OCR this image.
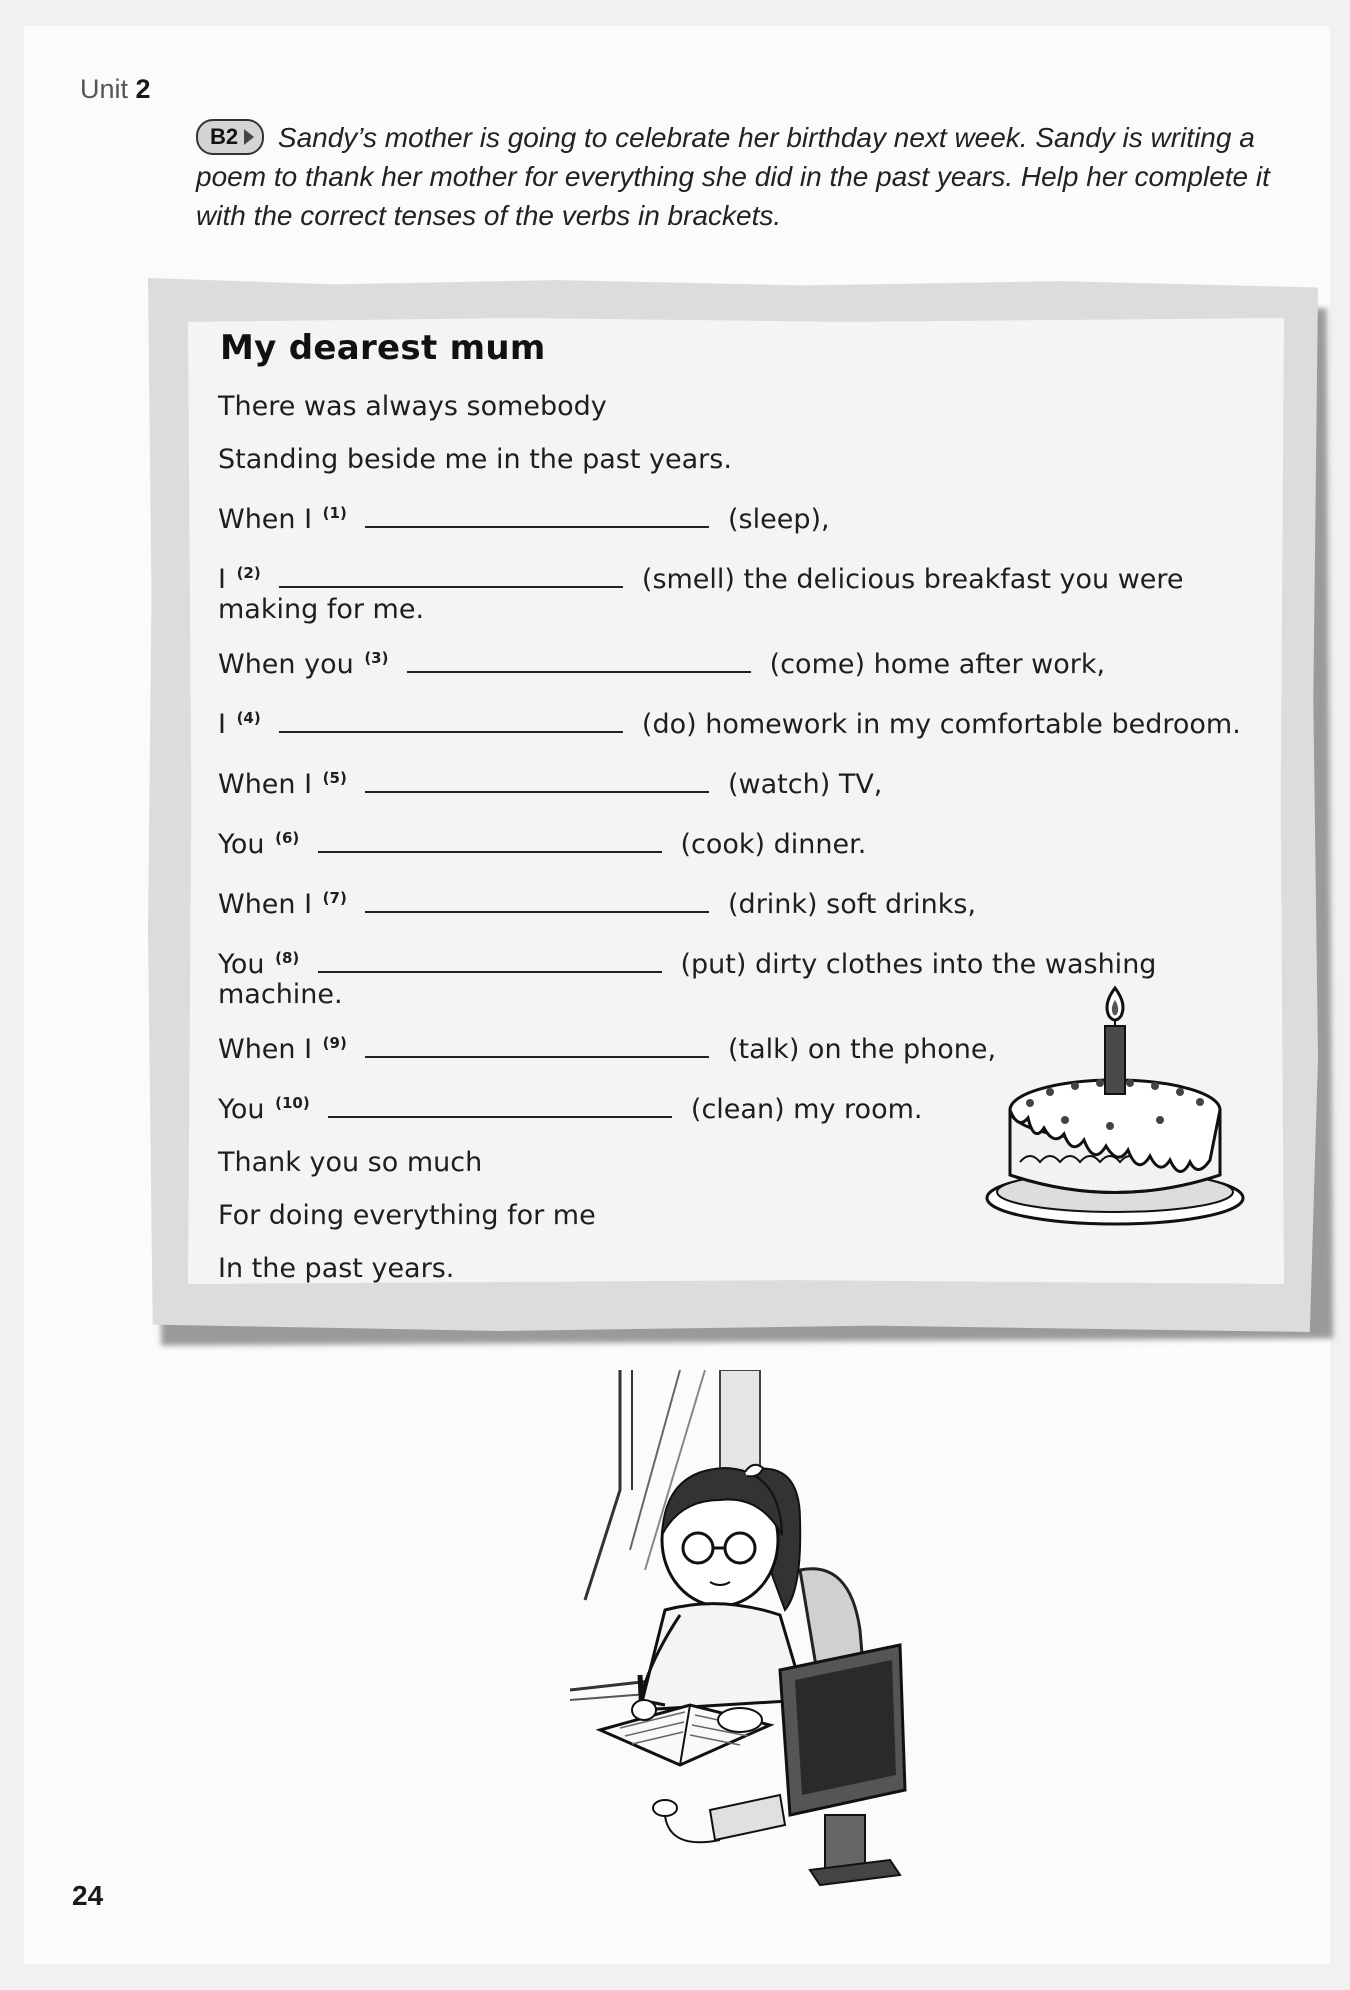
Unit 2
B2 Sandy’s mother is going to celebrate her birthday next week. Sandy is writing a poem to thank her mother for everything she did in the past years. Help her complete it with the correct tenses of the verbs in brackets.
My dearest mum
There was always somebody
Standing beside me in the past years.
When I $^{(1)}$	(sleep),
I $^{(2)}$	(smell) the delicious breakfast you were making for me.
When you $^{(3)}$	(come) home after work,
I $^{(4)}$	(do) homework in my comfortable bedroom.
When I $^{(5)}$	(watch) TV,
You $^{(6)}$	(cook) dinner.
When I $^{(7)}$	(drink) soft drinks,
You $^{(8)}$	(put) dirty clothes into the washing machine.
When I $^{(9)}$	(talk) on the phone,
You $^{(10)}$	(clean) my room.
Thank you so much
For doing everything for me
In the past years.
24
